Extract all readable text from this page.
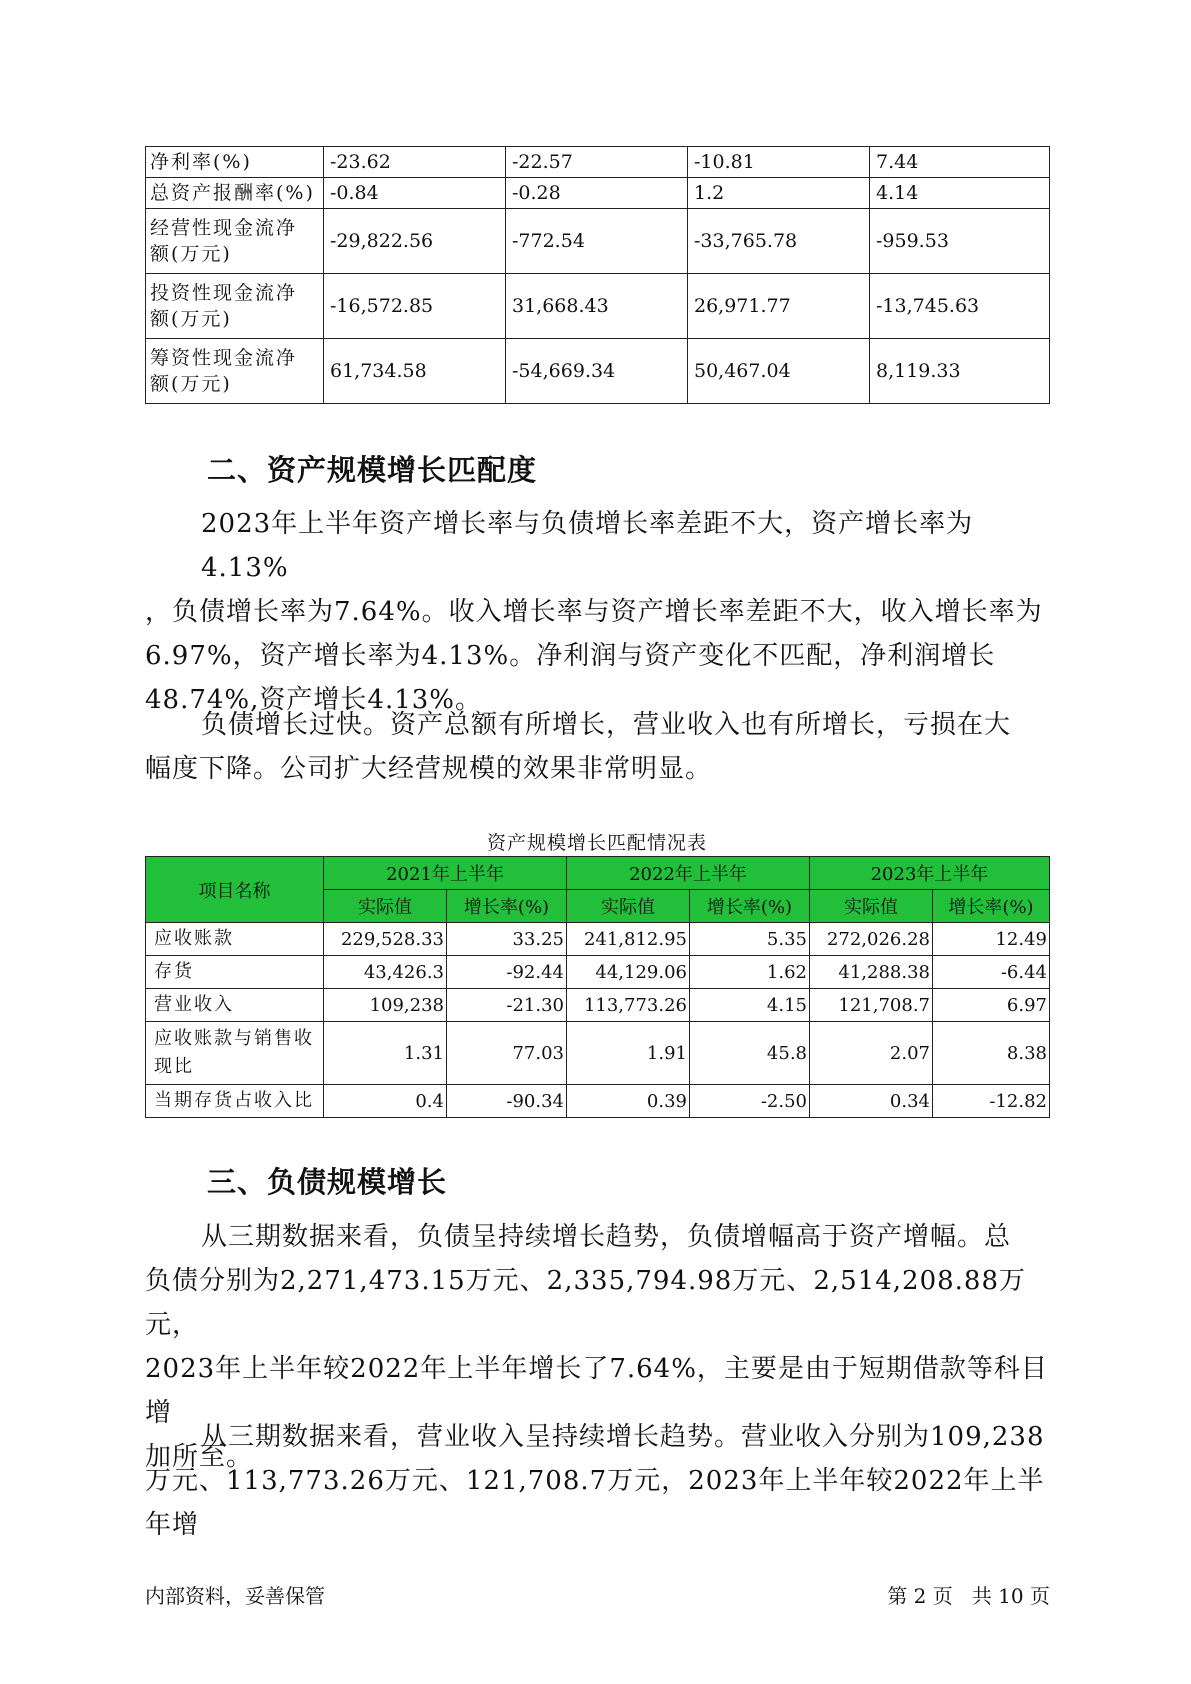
净利率(%)	-23.62	-22.57	-10.81	7.44
总资产报酬率(%)	-0.84	-0.28	1.2	4.14
经营性现金流净额(万元)	-29,822.56	-772.54	-33,765.78	-959.53
投资性现金流净额(万元)	-16,572.85	31,668.43	26,971.77	-13,745.63
筹资性现金流净额(万元)	61,734.58	-54,669.34	50,467.04	8,119.33
二、资产规模增长匹配度

2023年上半年资产增长率与负债增长率差距不大，资产增长率为4.13%

，负债增长率为7.64%。收入增长率与资产增长率差距不大，收入增长率为

6.97%，资产增长率为4.13%。净利润与资产变化不匹配，净利润增长

48.74%,资产增长4.13%。

负债增长过快。资产总额有所增长，营业收入也有所增长，亏损在大

幅度下降。公司扩大经营规模的效果非常明显。

资产规模增长匹配情况表
项目名称	2021年上半年		2022年上半年		2023年上半年	
	实际值	增长率(%)	实际值	增长率(%)	实际值	增长率(%)
应收账款	229,528.33	33.25	241,812.95	5.35	272,026.28	12.49
存货	43,426.3	-92.44	44,129.06	1.62	41,288.38	-6.44
营业收入	109,238	-21.30	113,773.26	4.15	121,708.7	6.97
应收账款与销售收现比	1.31	77.03	1.91	45.8	2.07	8.38
当期存货占收入比	0.4	-90.34	0.39	-2.50	0.34	-12.82
三、负债规模增长

从三期数据来看，负债呈持续增长趋势，负债增幅高于资产增幅。总

负债分别为2,271,473.15万元、2,335,794.98万元、2,514,208.88万元，

2023年上半年较2022年上半年增长了7.64%，主要是由于短期借款等科目增

加所至。

从三期数据来看，营业收入呈持续增长趋势。营业收入分别为109,238

万元、113,773.26万元、121,708.7万元，2023年上半年较2022年上半年增

内部资料，妥善保管	第 2 页   共 10 页
